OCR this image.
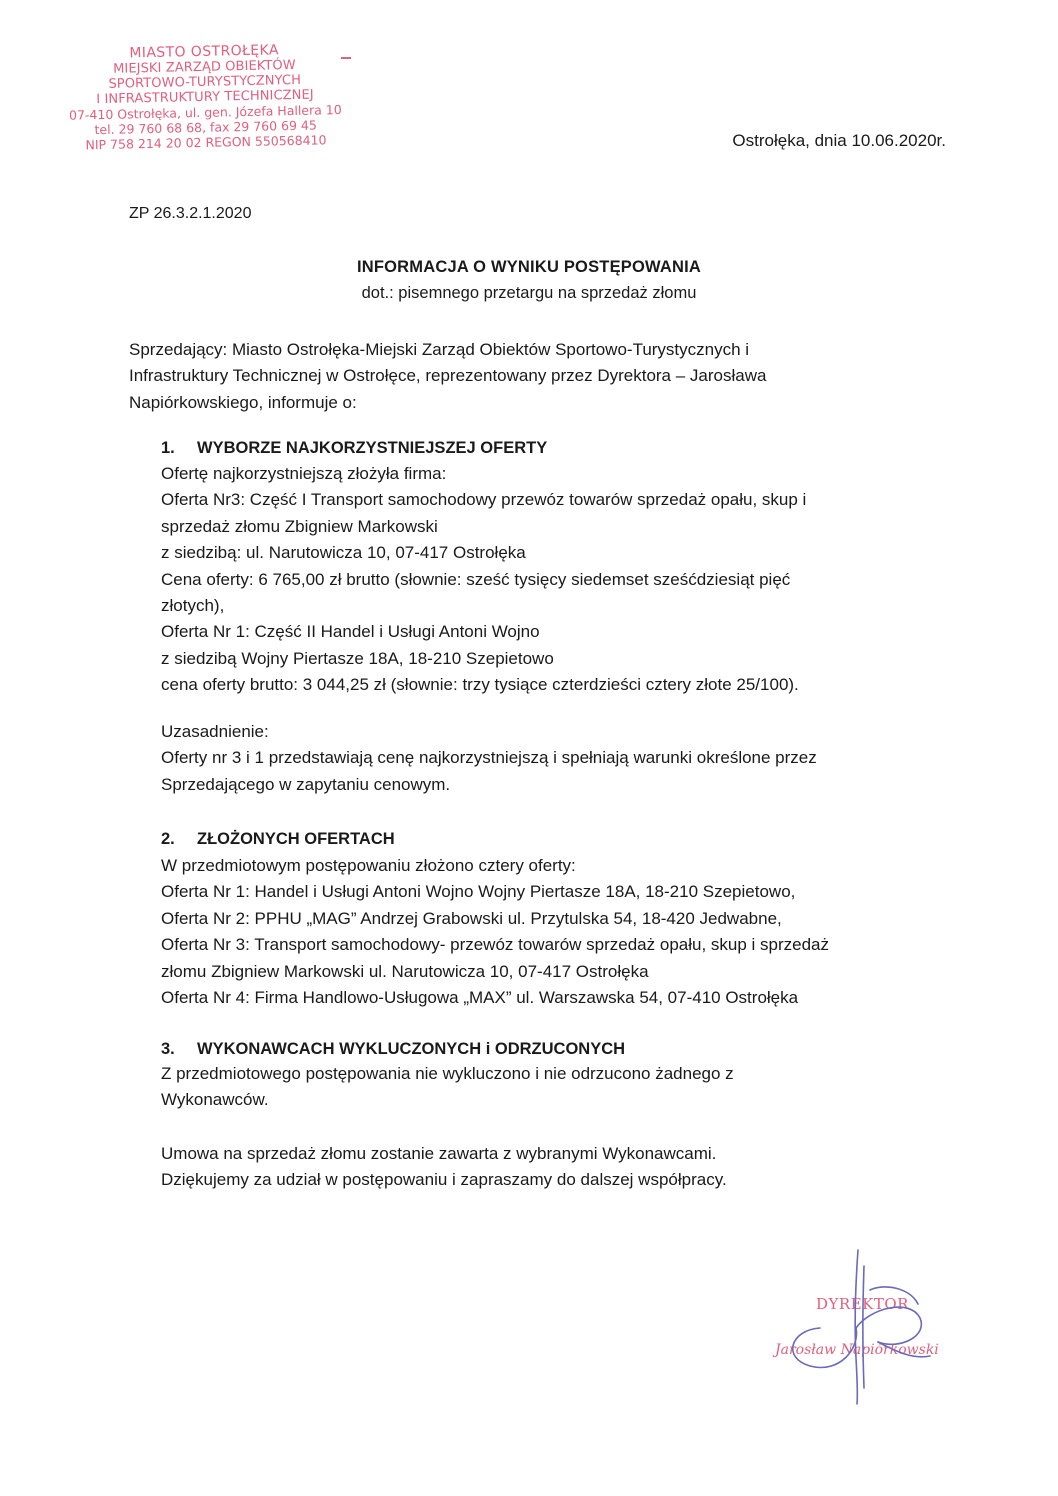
MIASTO OSTROŁĘKA
MIEJSKI ZARZĄD OBIEKTÓW
SPORTOWO-TURYSTYCZNYCH
I INFRASTRUKTURY TECHNICZNEJ
07-410 Ostrołęka, ul. gen. Józefa Hallera 10
tel. 29 760 68 68, fax 29 760 69 45
NIP 758 214 20 02 REGON 550568410	Ostrołęka, dnia 10.06.2020r.
ZP 26.3.2.1.2020
INFORMACJA O WYNIKU POSTĘPOWANIA
dot.: pisemnego przetargu na sprzedaż złomu
Sprzedający: Miasto Ostrołęka-Miejski Zarząd Obiektów Sportowo-Turystycznych i
Infrastruktury Technicznej w Ostrołęce, reprezentowany przez Dyrektora – Jarosława
Napiórkowskiego, informuje o:
1. WYBORZE NAJKORZYSTNIEJSZEJ OFERTY
Ofertę najkorzystniejszą złożyła firma:
Oferta Nr3: Część I Transport samochodowy przewóz towarów sprzedaż opału, skup i
sprzedaż złomu Zbigniew Markowski
z siedzibą: ul. Narutowicza 10, 07-417 Ostrołęka
Cena oferty: 6 765,00 zł brutto (słownie: sześć tysięcy siedemset sześćdziesiąt pięć
złotych),
Oferta Nr 1: Część II Handel i Usługi Antoni Wojno
z siedzibą Wojny Piertasze 18A, 18-210 Szepietowo
cena oferty brutto: 3 044,25 zł (słownie: trzy tysiące czterdzieści cztery złote 25/100).
Uzasadnienie:
Oferty nr 3 i 1 przedstawiają cenę najkorzystniejszą i spełniają warunki określone przez
Sprzedającego w zapytaniu cenowym.
2. ZŁOŻONYCH OFERTACH
W przedmiotowym postępowaniu złożono cztery oferty:
Oferta Nr 1: Handel i Usługi Antoni Wojno Wojny Piertasze 18A, 18-210 Szepietowo,
Oferta Nr 2: PPHU „MAG” Andrzej Grabowski ul. Przytulska 54, 18-420 Jedwabne,
Oferta Nr 3: Transport samochodowy- przewóz towarów sprzedaż opału, skup i sprzedaż
złomu Zbigniew Markowski ul. Narutowicza 10, 07-417 Ostrołęka
Oferta Nr 4: Firma Handlowo-Usługowa „MAX” ul. Warszawska 54, 07-410 Ostrołęka
3. WYKONAWCACH WYKLUCZONYCH i ODRZUCONYCH
Z przedmiotowego postępowania nie wykluczono i nie odrzucono żadnego z
Wykonawców.
Umowa na sprzedaż złomu zostanie zawarta z wybranymi Wykonawcami.
Dziękujemy za udział w postępowaniu i zapraszamy do dalszej współpracy.
DYREKTOR
Jarosław Napiórkowski
